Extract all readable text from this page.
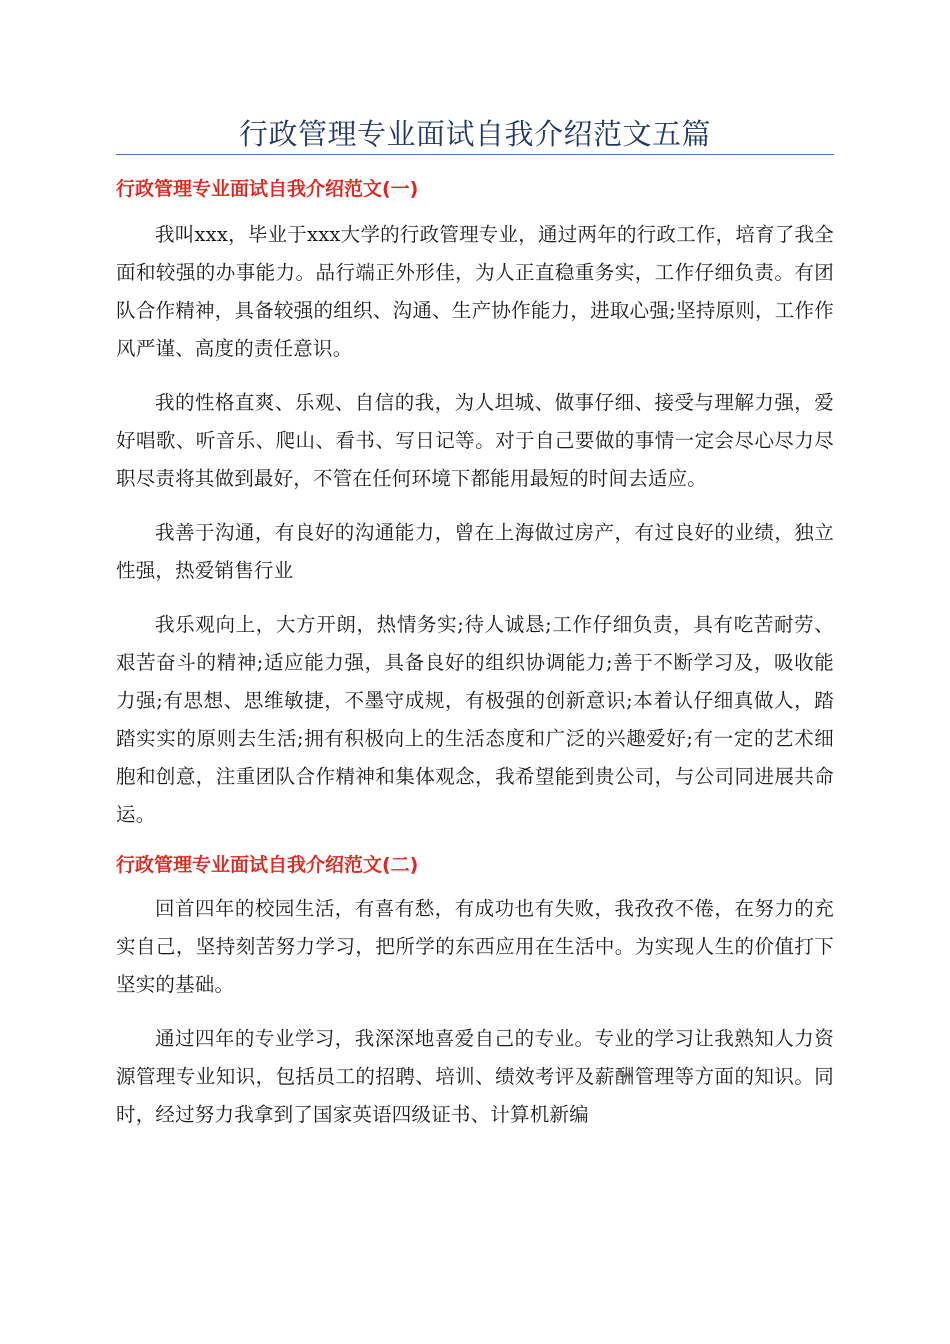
行政管理专业面试自我介绍范文五篇
行政管理专业面试自我介绍范文(一)

我叫xxx，毕业于xxx大学的行政管理专业，通过两年的行政工作，培育了我全面和较强的办事能力。品行端正外形佳，为人正直稳重务实，工作仔细负责。有团队合作精神，具备较强的组织、沟通、生产协作能力，进取心强;坚持原则，工作作风严谨、高度的责任意识。

我的性格直爽、乐观、自信的我，为人坦城、做事仔细、接受与理解力强，爱好唱歌、听音乐、爬山、看书、写日记等。对于自己要做的事情一定会尽心尽力尽职尽责将其做到最好，不管在任何环境下都能用最短的时间去适应。

我善于沟通，有良好的沟通能力，曾在上海做过房产，有过良好的业绩，独立性强，热爱销售行业

我乐观向上，大方开朗，热情务实;待人诚恳;工作仔细负责，具有吃苦耐劳、艰苦奋斗的精神;适应能力强，具备良好的组织协调能力;善于不断学习及，吸收能力强;有思想、思维敏捷，不墨守成规，有极强的创新意识;本着认仔细真做人，踏踏实实的原则去生活;拥有积极向上的生活态度和广泛的兴趣爱好;有一定的艺术细胞和创意，注重团队合作精神和集体观念，我希望能到贵公司，与公司同进展共命运。

行政管理专业面试自我介绍范文(二)

回首四年的校园生活，有喜有愁，有成功也有失败，我孜孜不倦，在努力的充实自己，坚持刻苦努力学习，把所学的东西应用在生活中。为实现人生的价值打下坚实的基础。

通过四年的专业学习，我深深地喜爱自己的专业。专业的学习让我熟知人力资源管理专业知识，包括员工的招聘、培训、绩效考评及薪酬管理等方面的知识。同时，经过努力我拿到了国家英语四级证书、计算机新编
